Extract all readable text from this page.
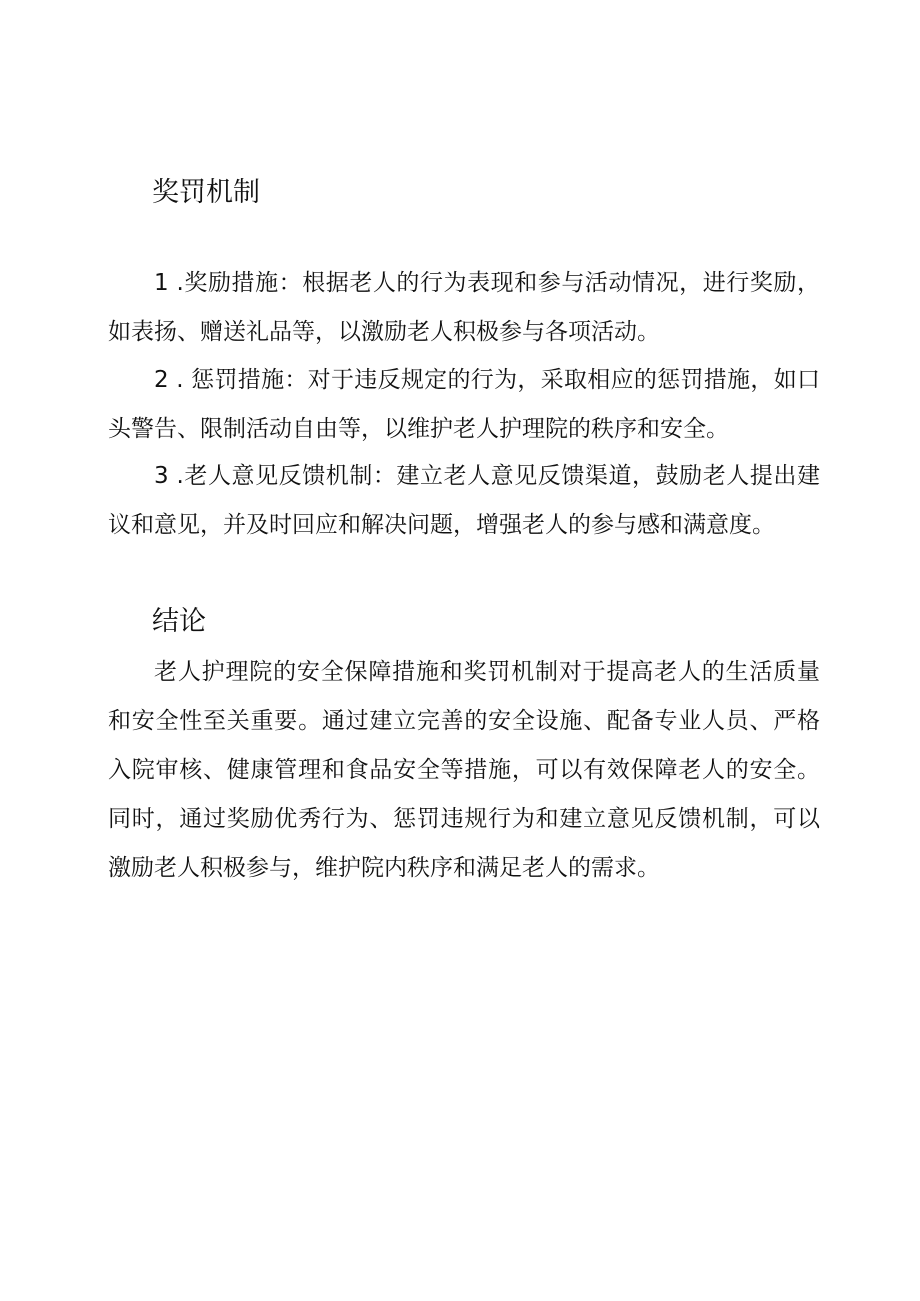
奖罚机制

1 .奖励措施：根据老人的行为表现和参与活动情况，进行奖励，如表扬、赠送礼品等，以激励老人积极参与各项活动。

2 . 惩罚措施：对于违反规定的行为，采取相应的惩罚措施，如口头警告、限制活动自由等，以维护老人护理院的秩序和安全。

3 .老人意见反馈机制：建立老人意见反馈渠道，鼓励老人提出建议和意见，并及时回应和解决问题，增强老人的参与感和满意度。

结论

老人护理院的安全保障措施和奖罚机制对于提高老人的生活质量和安全性至关重要。通过建立完善的安全设施、配备专业人员、严格入院审核、健康管理和食品安全等措施，可以有效保障老人的安全。同时，通过奖励优秀行为、惩罚违规行为和建立意见反馈机制，可以激励老人积极参与，维护院内秩序和满足老人的需求。
